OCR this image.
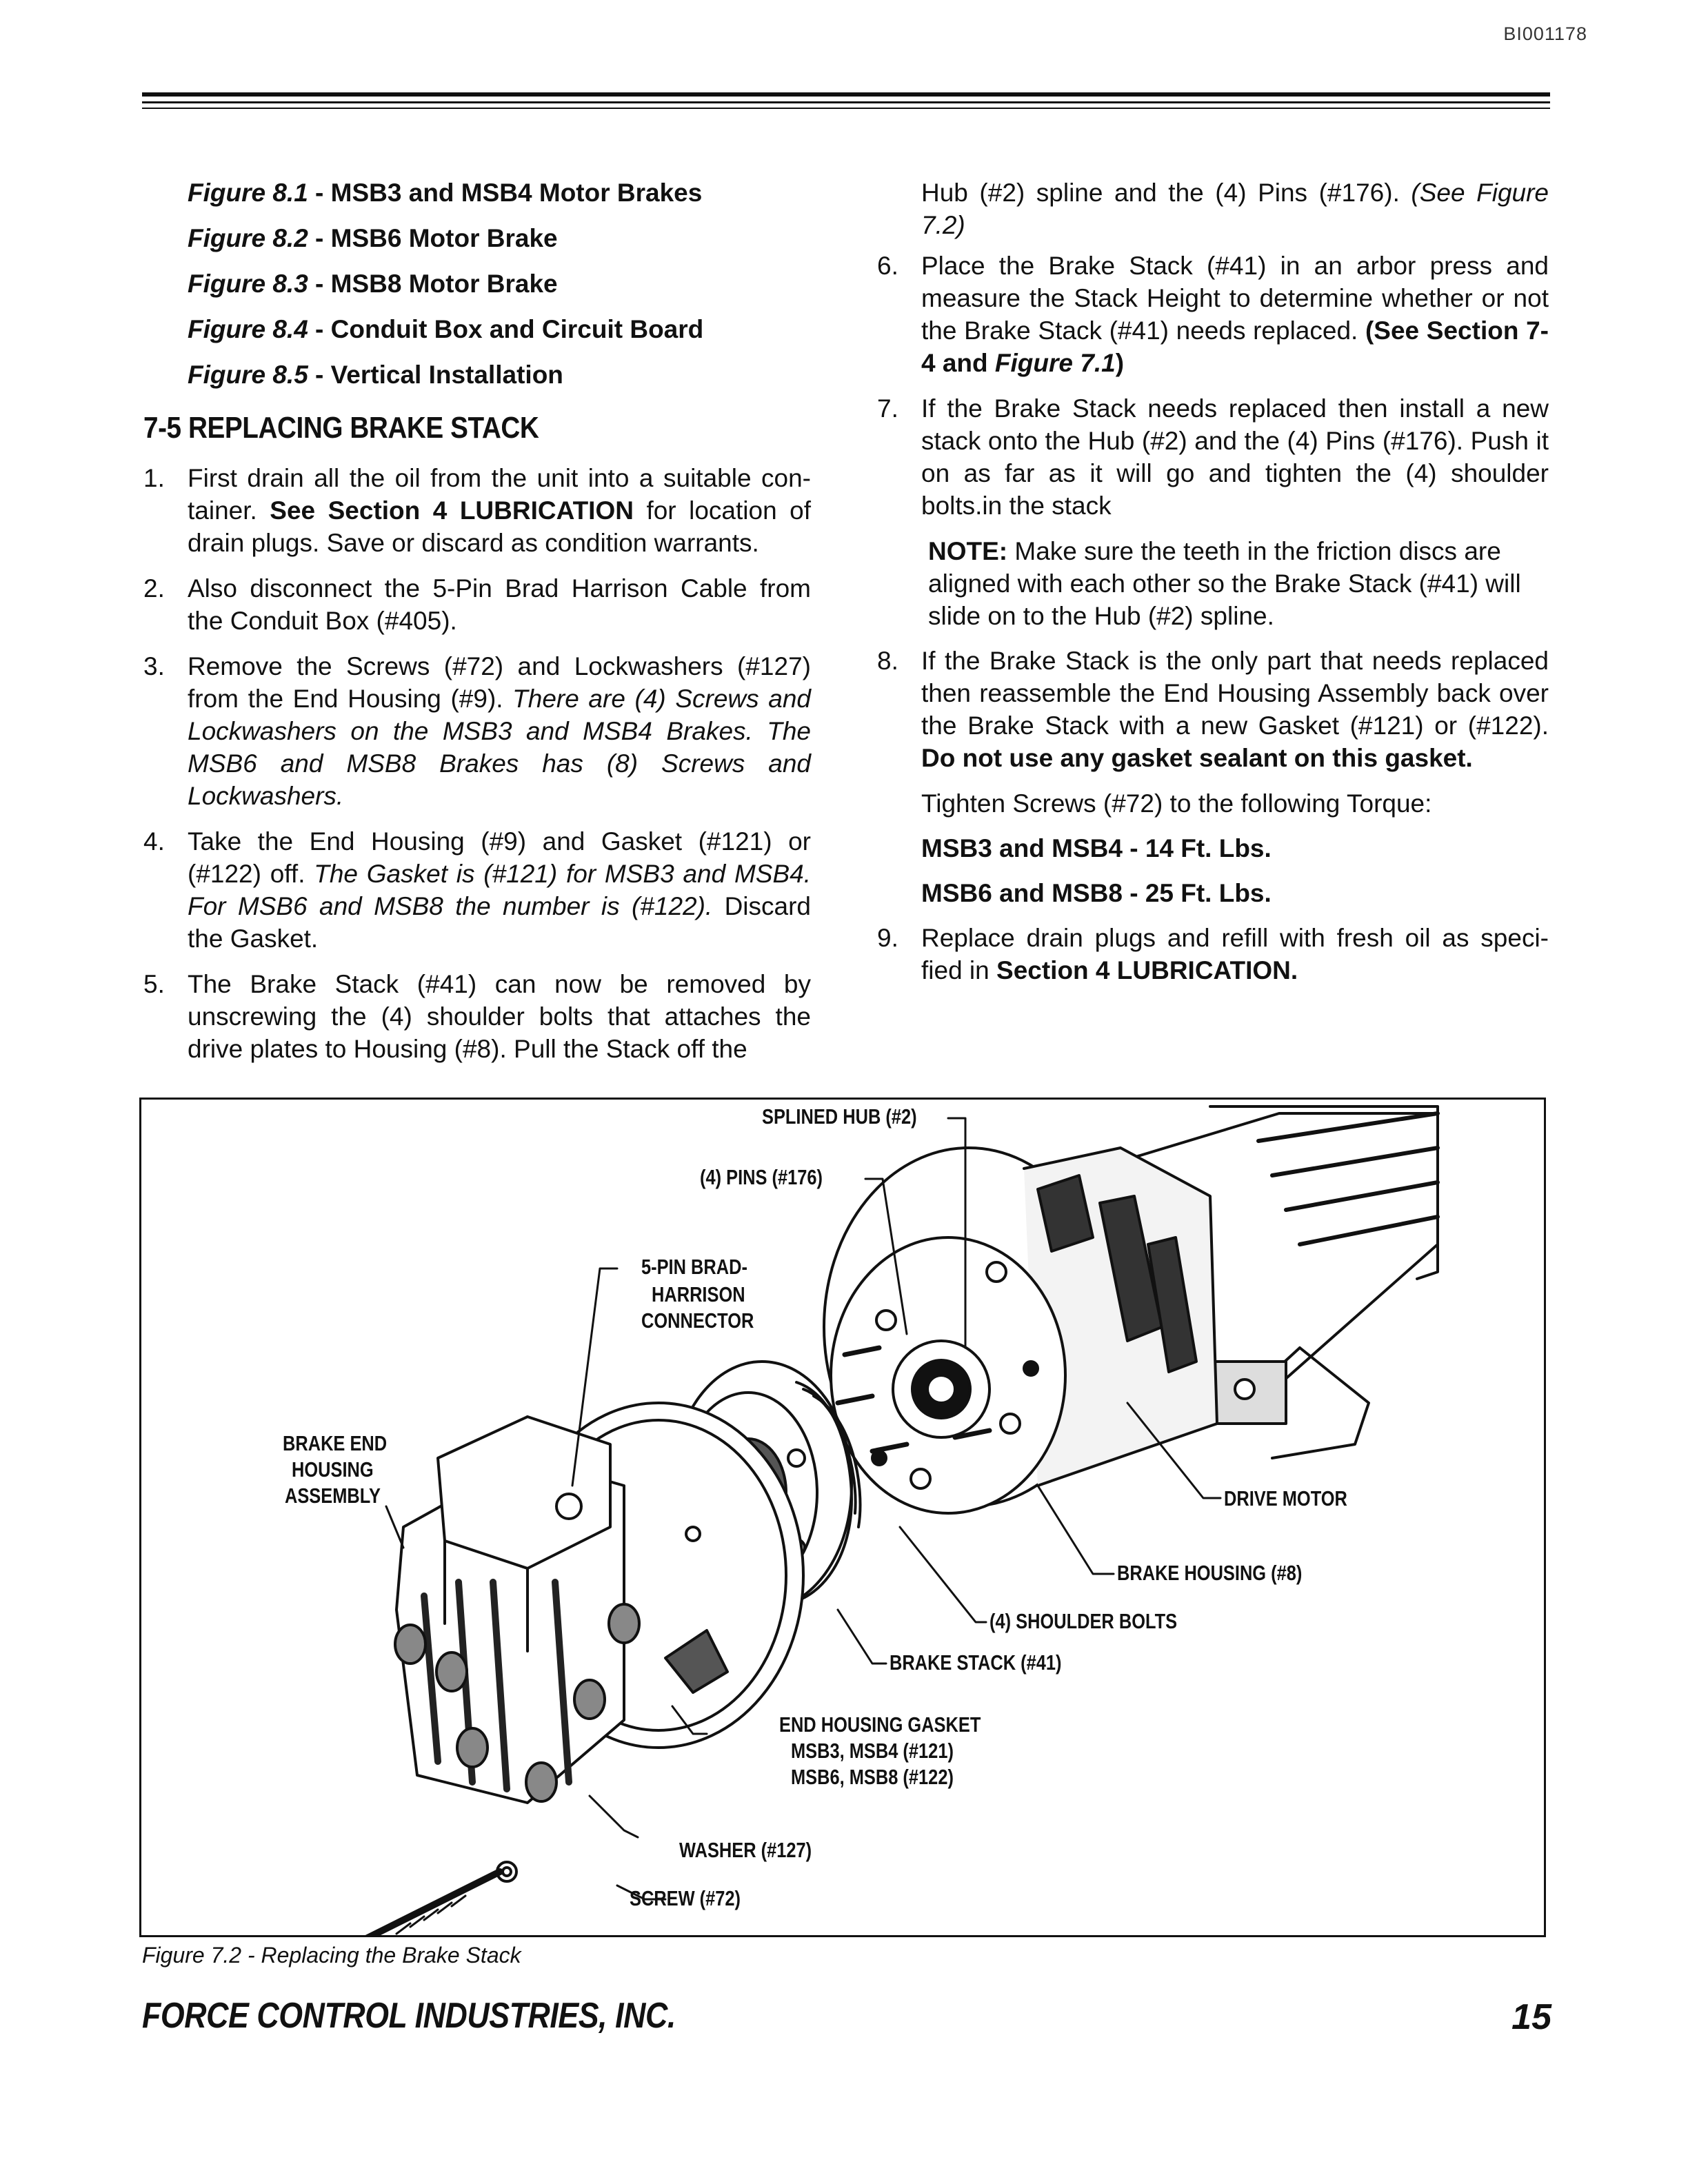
BI001178
Figure 8.1 - MSB3 and MSB4 Motor Brakes
Figure 8.2 - MSB6 Motor Brake
Figure 8.3 - MSB8 Motor Brake
Figure 8.4 - Conduit Box and Circuit Board
Figure 8.5 - Vertical Installation
7-5 REPLACING BRAKE STACK
1. First drain all the oil from the unit into a suitable con-tainer. See Section 4 LUBRICATION for location of drain plugs. Save or discard as condition warrants.
2. Also disconnect the 5-Pin Brad Harrison Cable from the Conduit Box (#405).
3. Remove the Screws (#72) and Lockwashers (#127) from the End Housing (#9). There are (4) Screws and Lockwashers on the MSB3 and MSB4 Brakes. The MSB6 and MSB8 Brakes has (8) Screws and Lockwashers.
4. Take the End Housing (#9) and Gasket (#121) or (#122) off. The Gasket is (#121) for MSB3 and MSB4. For MSB6 and MSB8 the number is (#122). Discard the Gasket.
5. The Brake Stack (#41) can now be removed by unscrewing the (4) shoulder bolts that attaches the drive plates to Housing (#8). Pull the Stack off the
Hub (#2) spline and the (4) Pins (#176). (See Figure 7.2)
6. Place the Brake Stack (#41) in an arbor press and measure the Stack Height to determine whether or not the Brake Stack (#41) needs replaced. (See Section 7-4 and Figure 7.1)
7. If the Brake Stack needs replaced then install a new stack onto the Hub (#2) and the (4) Pins (#176). Push it on as far as it will go and tighten the (4) shoulder bolts.in the stack
NOTE: Make sure the teeth in the friction discs are aligned with each other so the Brake Stack (#41) will slide on to the Hub (#2) spline.
8. If the Brake Stack is the only part that needs replaced then reassemble the End Housing Assembly back over the Brake Stack with a new Gasket (#121) or (#122). Do not use any gasket sealant on this gasket.
Tighten Screws (#72) to the following Torque:
MSB3 and MSB4 - 14 Ft. Lbs.
MSB6 and MSB8 - 25 Ft. Lbs.
9. Replace drain plugs and refill with fresh oil as speci-fied in Section 4 LUBRICATION.
SPLINED HUB (#2)
(4) PINS (#176)
5-PIN BRAD-
HARRISON
CONNECTOR
BRAKE END
HOUSING
ASSEMBLY	DRIVE MOTOR
BRAKE HOUSING (#8)
(4) SHOULDER BOLTS
BRAKE STACK (#41)
END HOUSING GASKET
MSB3, MSB4 (#121)
MSB6, MSB8 (#122)
WASHER (#127)
SCREW (#72)
Figure 7.2 - Replacing the Brake Stack
FORCE CONTROL INDUSTRIES, INC.	15
